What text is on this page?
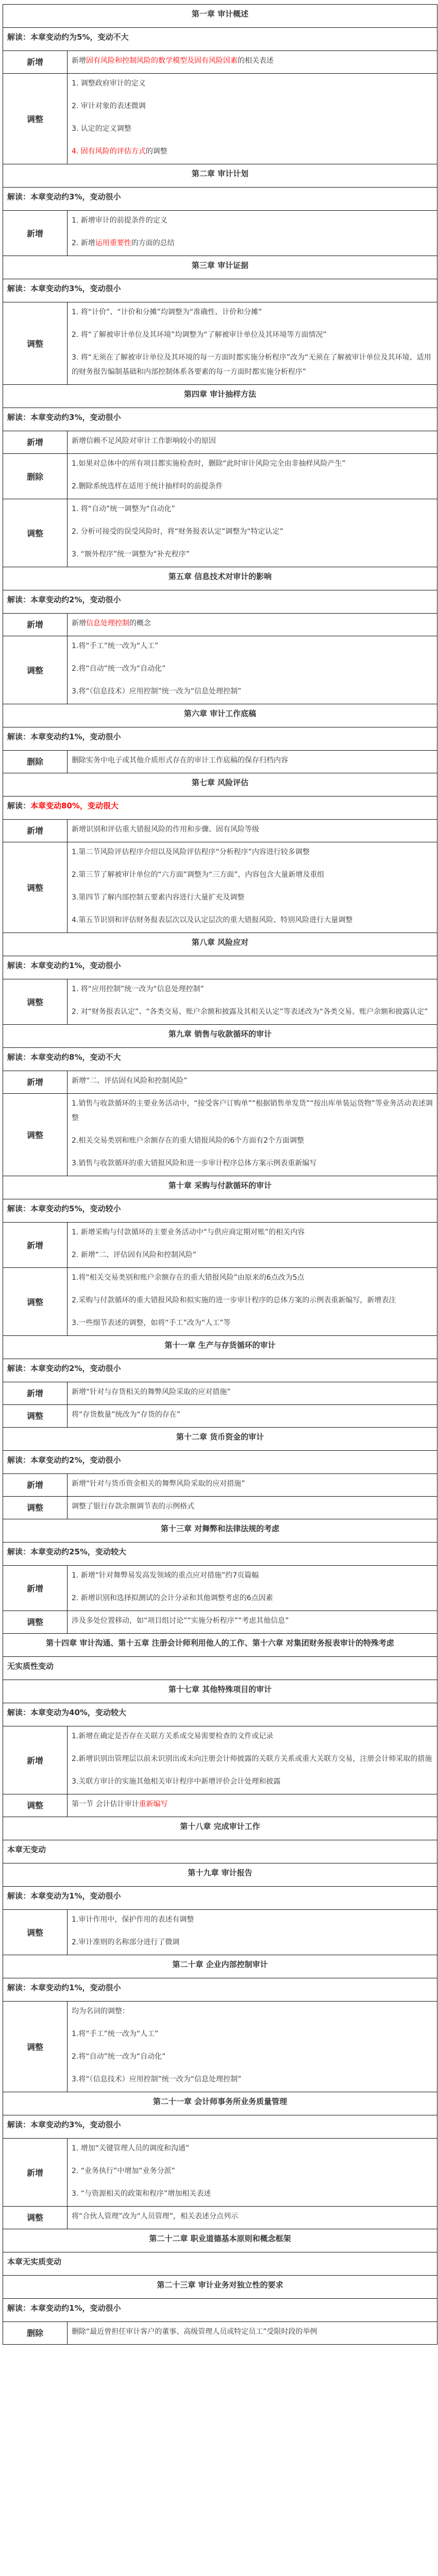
第一章 审计概述	
解读：本章变动约为5%，变动不大	
新增	新增固有风险和控制风险的数学模型及固有风险因素的相关表述

调整	1. 调整政府审计的定义

2. 审计对象的表述微调

3. 认定的定义调整

4. 固有风险的评估方式的调整

第二章 审计计划	
解读：本章变动约3%，变动很小	
新增	1. 新增审计的前提条件的定义

2. 新增运用重要性的方面的总结

第三章 审计证据	
解读：本章变动约3%，变动很小	
调整	1. 将“计价”、“计价和分摊”均调整为“准确性、计价和分摊”

2. 将“了解被审计单位及其环境”均调整为“了解被审计单位及其环境等方面情况”

3. 将“无须在了解被审计单位及其环境的每一方面时都实施分析程序”改为“无须在了解被审计单位及其环境、适用的财务报告编制基础和内部控制体系各要素的每一方面时都实施分析程序”

第四章 审计抽样方法	
解读：本章变动约3%，变动很小	
新增	新增信赖不足风险对审计工作影响较小的原因

删除	1.如果对总体中的所有项目都实施检查时，删除“此时审计风险完全由非抽样风险产生”

2.删除系统选样在适用于统计抽样时的前提条件

调整	1. 将“自动”统一调整为“自动化”

2. 分析可接受的误受风险时，将“财务报表认定”调整为“特定认定”

3. “额外程序”统一调整为“补充程序”

第五章 信息技术对审计的影响	
解读：本章变动约2%，变动很小	
新增	新增信息处理控制的概念

调整	1.将“手工”统一改为“人工”

2.将“自动”统一改为“自动化”

3.将“（信息技术）应用控制”统一改为“信息处理控制”

第六章 审计工作底稿	
解读：本章变动约1%，变动很小	
删除	删除实务中电子或其他介质形式存在的审计工作底稿的保存归档内容

第七章 风险评估	
解读：本章变动80%，变动很大	
新增	新增识别和评估重大错报风险的作用和步骤、固有风险等级

调整	1.第二节风险评估程序介绍以及风险评估程序“分析程序”内容进行较多调整

2.第三节了解被审计单位的“六方面”调整为“三方面”，内容包含大量新增及重组

3.第四节了解内部控制五要素内容进行大量扩充及调整

4.第五节识别和评估财务报表层次以及认定层次的重大错报风险、特别风险进行大量调整

第八章 风险应对	
解读：本章变动约1%，变动很小	
调整	1. 将“应用控制”统一改为“信息处理控制”

2. 对“财务报表认定”、“各类交易、账户余额和披露及其相关认定”等表述改为“各类交易、账户余额和披露认定”

第九章 销售与收款循环的审计	
解读：本章变动约8%，变动不大	
新增	新增“二、评估固有风险和控制风险”

调整	1.销售与收款循环的主要业务活动中，“接受客户订购单”“根据销售单发货”“按出库单装运货物”等业务活动表述调整

2.相关交易类别和账户余额存在的重大错报风险的6个方面有2个方面调整

3.销售与收款循环的重大错报风险和进一步审计程序总体方案示例表重新编写

第十章 采购与付款循环的审计	
解读：本章变动约5%，变动较小	
新增	1. 新增采购与付款循环的主要业务活动中“与供应商定期对账”的相关内容

2. 新增“二、评估固有风险和控制风险”

调整	1.将“相关交易类别和账户余额存在的重大错报风险”由原来的6点改为5点

2.采购与付款循环的重大错报风险和拟实施的进一步审计程序的总体方案的示例表重新编写，新增表注

3.一些细节表述的调整，如将“手工”改为“人工”等

第十一章 生产与存货循环的审计	
解读：本章变动约2%，变动很小	
新增	新增“针对与存货相关的舞弊风险采取的应对措施”

调整	将“存货数量”统改为“存货的存在”

第十二章 货币资金的审计	
解读：本章变动约2%，变动很小	
新增	新增“针对与货币资金相关的舞弊风险采取的应对措施”

调整	调整了银行存款余额调节表的示例格式

第十三章 对舞弊和法律法规的考虑	
解读：本章变动约25%，变动较大	
新增	1. 新增“针对舞弊易发高发领域的重点应对措施”约7页篇幅

2. 新增识别和选择拟测试的会计分录和其他调整考虑的6点因素

调整	涉及多处位置移动，如“项目组讨论”“实施分析程序”“考虑其他信息”

第十四章 审计沟通、第十五章 注册会计师利用他人的工作、第十六章 对集团财务报表审计的特殊考虑	
无实质性变动	
第十七章 其他特殊项目的审计	
解读：本章变动为40%，变动较大	
新增	1.新增在确定是否存在关联方关系或交易需要检查的文件或记录

2.新增识别出管理层以前未识别出或未向注册会计师披露的关联方关系或重大关联方交易，注册会计师采取的措施

3.关联方审计的实施其他相关审计程序中新增评价会计处理和披露

调整	第一节 会计估计审计重新编写

第十八章 完成审计工作	
本章无变动	
第十九章 审计报告	
解读：本章变动为1%，变动很小	
调整	1.审计作用中，保护作用的表述有调整

2.审计准则的名称部分进行了微调

第二十章 企业内部控制审计	
解读：本章变动约1%，变动很小	
调整	均为名词的调整：

1.将“手工”统一改为“人工”

2.将“自动”统一改为“自动化”

3.将“（信息技术）应用控制”统一改为“信息处理控制”

第二十一章 会计师事务所业务质量管理	
解读：本章变动约3%，变动很小	
新增	1. 增加“关键管理人员的调度和沟通”

2. “业务执行”中增加“业务分派”

3. “与资源相关的政策和程序”增加相关表述

调整	将“合伙人管理”改为“人员管理”，相关表述分点列示

第二十二章 职业道德基本原则和概念框架	
本章无实质变动	
第二十三章 审计业务对独立性的要求	
解读：本章变动约1%，变动很小	
删除	删除“最近曾担任审计客户的董事、高级管理人员或特定员工”受限时段的举例
